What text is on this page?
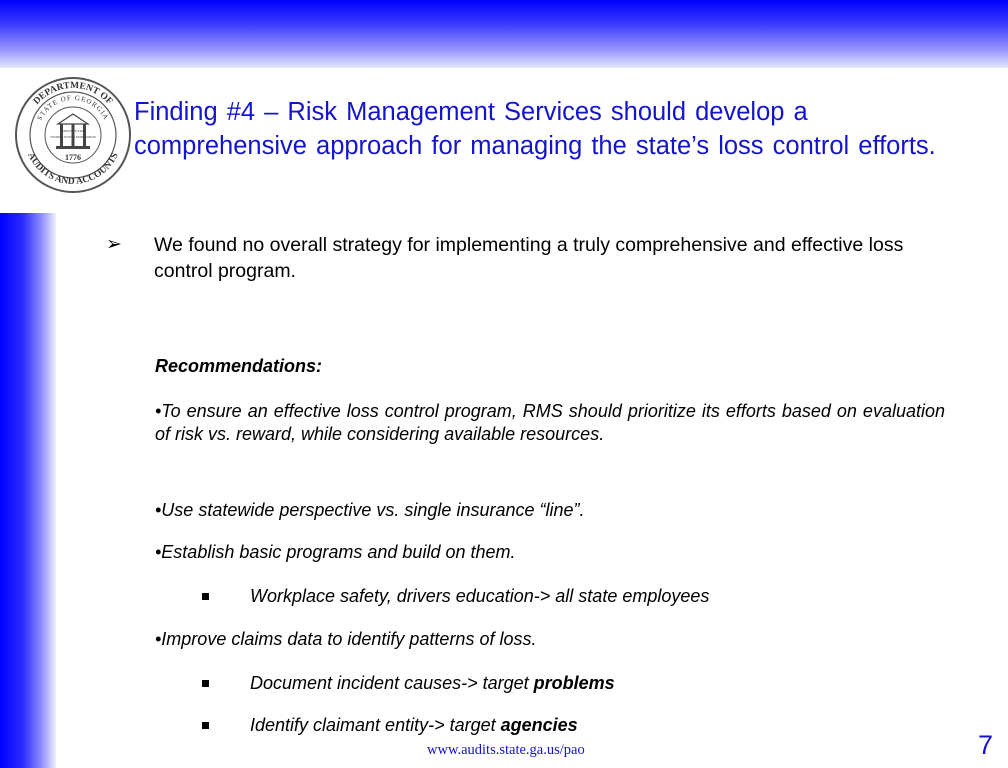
DEPARTMENT OF
AUDITS AND ACCOUNTS
STATE OF GEORGIA
CONSTITUTION
WISDOM JUSTICE MODERATION
1776
Finding #4 – Risk Management Services should develop a comprehensive approach for managing the state’s loss control efforts.
➢ We found no overall strategy for implementing a truly comprehensive and effective loss control program.
Recommendations:
•To ensure an effective loss control program, RMS should prioritize its efforts based on evaluation of risk vs. reward, while considering available resources.
•Use statewide perspective vs. single insurance “line”.
•Establish basic programs and build on them.
Workplace safety, drivers education-> all state employees
•Improve claims data to identify patterns of loss.
Document incident causes-> target problems
Identify claimant entity-> target agencies
www.audits.state.ga.us/pao	7
